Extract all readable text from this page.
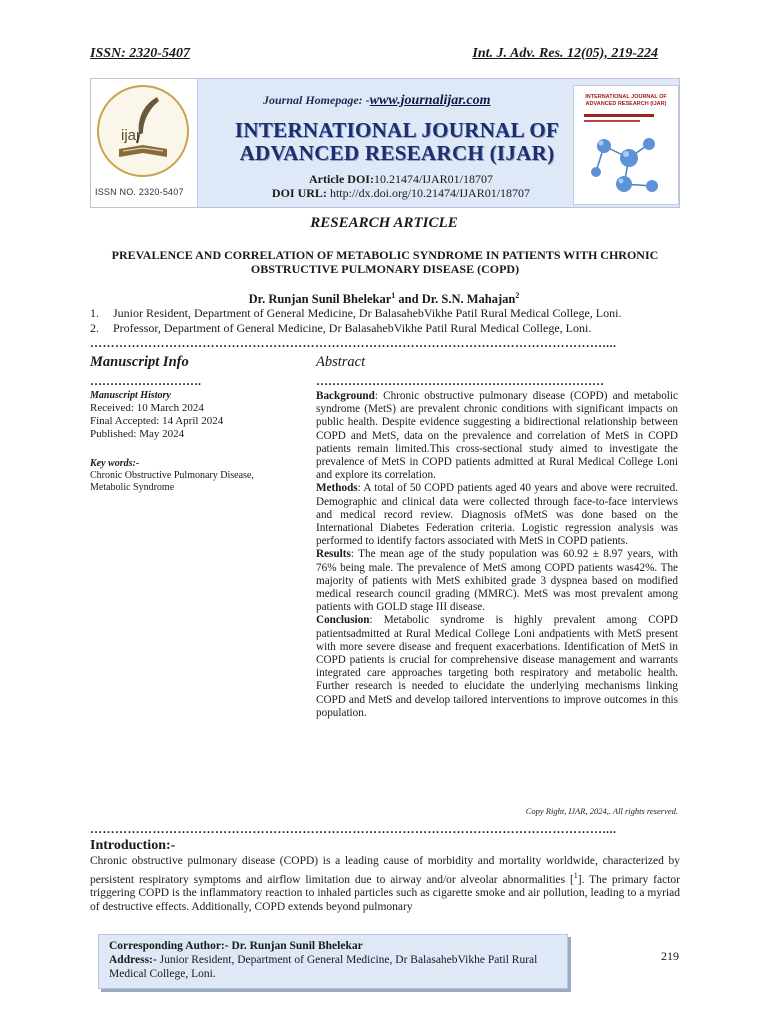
ISSN: 2320-5407	Int. J. Adv. Res. 12(05), 219-224
ijar
ISSN NO. 2320-5407
Journal Homepage: -www.journalijar.com
INTERNATIONAL JOURNAL OF ADVANCED RESEARCH (IJAR)
Article DOI:10.21474/IJAR01/18707
DOI URL: http://dx.doi.org/10.21474/IJAR01/18707
INTERNATIONAL JOURNAL OF ADVANCED RESEARCH (IJAR)
RESEARCH ARTICLE
PREVALENCE AND CORRELATION OF METABOLIC SYNDROME IN PATIENTS WITH CHRONIC
OBSTRUCTIVE PULMONARY DISEASE (COPD)
Dr. Runjan Sunil Bhelekar$^1$ and Dr. S.N. Mahajan$^2$
1. Junior Resident, Department of General Medicine, Dr BalasahebVikhe Patil Rural Medical College, Loni.
2. Professor, Department of General Medicine, Dr BalasahebVikhe Patil Rural Medical College, Loni.
……………………………………………………………………………………………………………....
Manuscript Info	Abstract
……………………….	………………………………………………………………
Manuscript History
Received: 10 March 2024
Final Accepted: 14 April 2024
Published: May 2024
Key words:-
Chronic Obstructive Pulmonary Disease,
Metabolic Syndrome

Background: Chronic obstructive pulmonary disease (COPD) and metabolic syndrome (MetS) are prevalent chronic conditions with significant impacts on public health. Despite evidence suggesting a bidirectional relationship between COPD and MetS, data on the prevalence and correlation of MetS in COPD patients remain limited.This cross-sectional study aimed to investigate the prevalence of MetS in COPD patients admitted at Rural Medical College Loni and explore its correlation.

Methods: A total of 50 COPD patients aged 40 years and above were recruited. Demographic and clinical data were collected through face-to-face interviews and medical record review. Diagnosis ofMetS was done based on the International Diabetes Federation criteria. Logistic regression analysis was performed to identify factors associated with MetS in COPD patients.

Results: The mean age of the study population was 60.92 ± 8.97 years, with 76% being male. The prevalence of MetS among COPD patients was42%. The majority of patients with MetS exhibited grade 3 dyspnea based on modified medical research council grading (MMRC). MetS was most prevalent among patients with GOLD stage III disease.

Conclusion: Metabolic syndrome is highly prevalent among COPD patientsadmitted at Rural Medical College Loni andpatients with MetS present with more severe disease and frequent exacerbations. Identification of MetS in COPD patients is crucial for comprehensive disease management and warrants integrated care approaches targeting both respiratory and metabolic health. Further research is needed to elucidate the underlying mechanisms linking COPD and MetS and develop tailored interventions to improve outcomes in this population.

Copy Right, IJAR, 2024,. All rights reserved.
……………………………………………………………………………………………………………....
Introduction:-
Chronic obstructive pulmonary disease (COPD) is a leading cause of morbidity and mortality worldwide, characterized by persistent respiratory symptoms and airflow limitation due to airway and/or alveolar abnormalities [$^1$]. The primary factor triggering COPD is the inflammatory reaction to inhaled particles such as cigarette smoke and air pollution, leading to a myriad of destructive effects. Additionally, COPD extends beyond pulmonary
Corresponding Author:- Dr. Runjan Sunil Bhelekar
Address:- Junior Resident, Department of General Medicine, Dr BalasahebVikhe Patil Rural Medical College, Loni.
219
